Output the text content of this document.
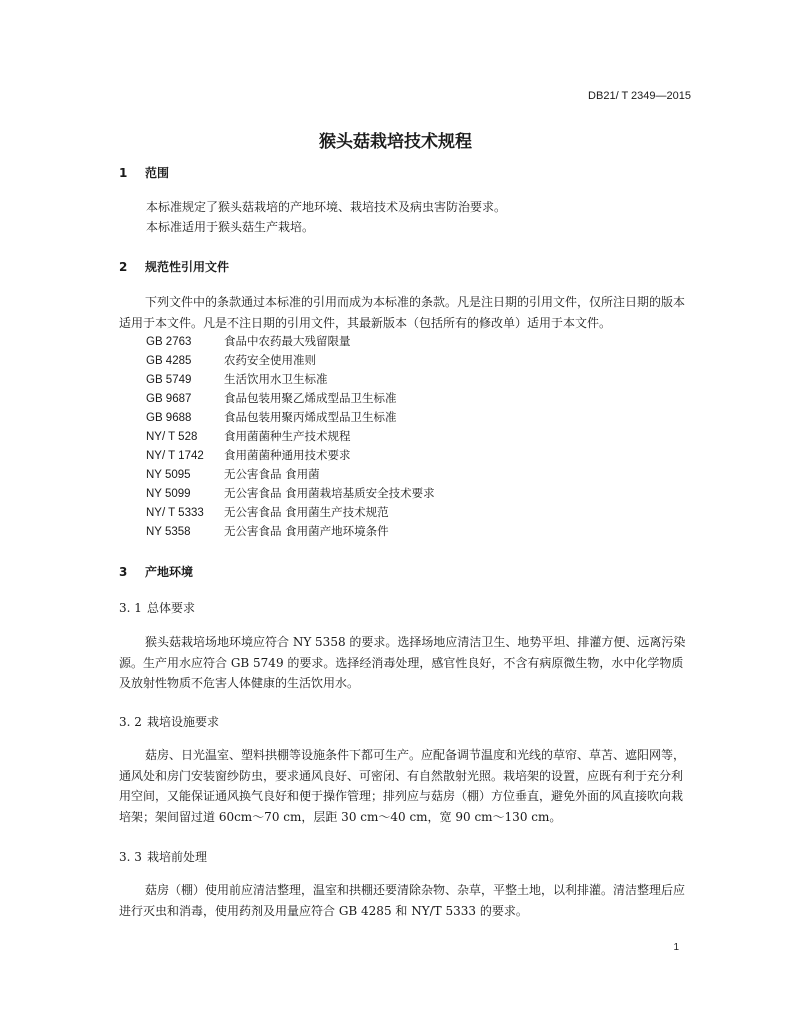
DB21/ T 2349—2015
猴头菇栽培技术规程
1 范围
本标准规定了猴头菇栽培的产地环境、栽培技术及病虫害防治要求。
本标准适用于猴头菇生产栽培。
2 规范性引用文件
下列文件中的条款通过本标准的引用而成为本标准的条款。凡是注日期的引用文件，仅所注日期的版本适用于本文件。凡是不注日期的引用文件，其最新版本（包括所有的修改单）适用于本文件。
GB 2763	食品中农药最大残留限量
GB 4285	农药安全使用准则
GB 5749	生活饮用水卫生标准
GB 9687	食品包装用聚乙烯成型品卫生标准
GB 9688	食品包装用聚丙烯成型品卫生标准
NY/ T 528 食用菌菌种生产技术规程
NY/ T 1742 食用菌菌种通用技术要求
NY 5095	无公害食品 食用菌
NY 5099	无公害食品 食用菌栽培基质安全技术要求
NY/ T 5333 无公害食品 食用菌生产技术规范
NY 5358	无公害食品 食用菌产地环境条件
3 产地环境
3. 1 总体要求
猴头菇栽培场地环境应符合 NY 5358 的要求。选择场地应清洁卫生、地势平坦、排灌方便、远离污染源。生产用水应符合 GB 5749 的要求。选择经消毒处理，感官性良好，不含有病原微生物，水中化学物质及放射性物质不危害人体健康的生活饮用水。
3. 2 栽培设施要求
菇房、日光温室、塑料拱棚等设施条件下都可生产。应配备调节温度和光线的草帘、草苫、遮阳网等，通风处和房门安装窗纱防虫，要求通风良好、可密闭、有自然散射光照。栽培架的设置，应既有利于充分利用空间，又能保证通风换气良好和便于操作管理；排列应与菇房（棚）方位垂直，避免外面的风直接吹向栽培架；架间留过道 60cm～70 cm，层距 30 cm～40 cm，宽 90 cm～130 cm。
3. 3 栽培前处理
菇房（棚）使用前应清洁整理，温室和拱棚还要清除杂物、杂草，平整土地，以利排灌。清洁整理后应进行灭虫和消毒，使用药剂及用量应符合 GB 4285 和 NY/T 5333 的要求。
1
